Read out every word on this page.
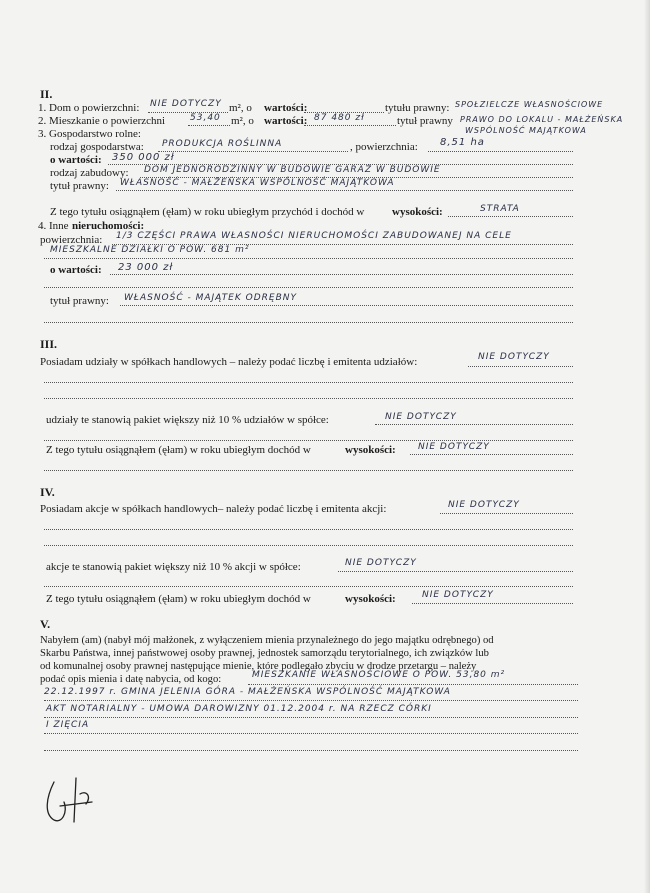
II.
1. Dom o powierzchni: NIE DOTYCZY m², o wartości:	tytułu prawny: SPOŁZIELCZE WŁASNOŚCIOWE
2. Mieszkanie o powierzchni	53,40 m², o wartości: 87 480 zł	tytuł prawny PRAWO DO LOKALU - MAŁŻEŃSKA
WSPÓLNOŚĆ MAJĄTKOWA
3. Gospodarstwo rolne:
rodzaj gospodarstwa: PRODUKCJA ROŚLINNA	, powierzchnia: 8,51 ha
o wartości: 350 000 zł
rodzaj zabudowy: DOM JEDNORODZINNY W BUDOWIE GARAŻ W BUDOWIE
tytuł prawny: WŁASNOŚĆ - MAŁŻEŃSKA WSPÓLNOŚĆ MAJĄTKOWA
Z tego tytułu osiągnąłem (ęłam) w roku ubiegłym przychód i dochód w	wysokości:	STRATA
4. Inne nieruchomości:
powierzchnia: 1/3 CZĘŚCI PRAWA WŁASNOŚCI NIERUCHOMOŚCI ZABUDOWANEJ NA CELE
MIESZKALNE DZIAŁKI O POW. 681 m²
o wartości: 23 000 zł
tytuł prawny: WŁASNOŚĆ - MAJĄTEK ODRĘBNY
III.
Posiadam udziały w spółkach handlowych – należy podać liczbę i emitenta udziałów:	NIE DOTYCZY
udziały te stanowią pakiet większy niż 10 % udziałów w spółce:	NIE DOTYCZY
Z tego tytułu osiągnąłem (ęłam) w roku ubiegłym dochód w	wysokości: NIE DOTYCZY
IV.
Posiadam akcje w spółkach handlowych– należy podać liczbę i emitenta akcji:	NIE DOTYCZY
akcje te stanowią pakiet większy niż 10 % akcji w spółce:	NIE DOTYCZY
Z tego tytułu osiągnąłem (ęłam) w roku ubiegłym dochód w	wysokości:	NIE DOTYCZY
V.
Nabyłem (am) (nabył mój małżonek, z wyłączeniem mienia przynależnego do jego majątku odrębnego) od
Skarbu Państwa, innej państwowej osoby prawnej, jednostek samorządu terytorialnego, ich związków lub
od komunalnej osoby prawnej następujące mienie, które podlegało zbyciu w drodze przetargu – należy
podać opis mienia i datę nabycia, od kogo:	MIESZKANIE WŁASNOŚCIOWE O POW. 53,80 m²
22.12.1997 r. GMINA JELENIA GÓRA - MAŁŻEŃSKA WSPÓLNOŚĆ MAJĄTKOWA
AKT NOTARIALNY - UMOWA DAROWIZNY 01.12.2004 r. NA RZECZ CÓRKI
I ZIĘCIA
